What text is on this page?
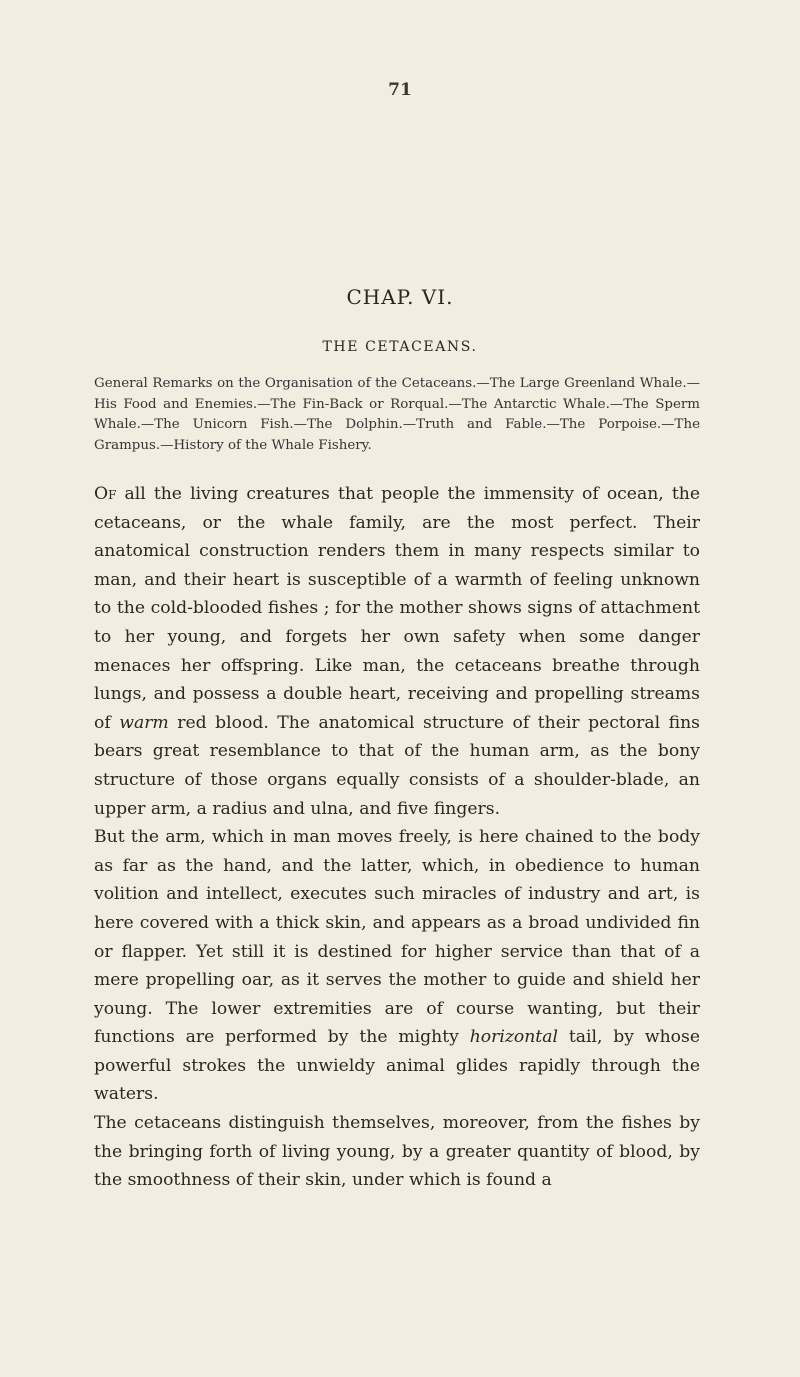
71
CHAP. VI.
THE CETACEANS.
General Remarks on the Organisation of the Cetaceans.—The Large Greenland Whale.—His Food and Enemies.—The Fin-Back or Rorqual.—The Antarctic Whale.—The Sperm Whale.—The Unicorn Fish.—The Dolphin.—Truth and Fable.—The Porpoise.—The Grampus.—History of the Whale Fishery.

Of all the living creatures that people the immensity of ocean, the cetaceans, or the whale family, are the most perfect. Their anatomical construction renders them in many respects similar to man, and their heart is susceptible of a warmth of feeling unknown to the cold-blooded fishes ; for the mother shows signs of attachment to her young, and forgets her own safety when some danger menaces her offspring. Like man, the cetaceans breathe through lungs, and possess a double heart, receiving and propelling streams of warm red blood. The anatomical structure of their pectoral fins bears great resemblance to that of the human arm, as the bony structure of those organs equally consists of a shoulder-blade, an upper arm, a radius and ulna, and five fingers.

But the arm, which in man moves freely, is here chained to the body as far as the hand, and the latter, which, in obedience to human volition and intellect, executes such miracles of industry and art, is here covered with a thick skin, and appears as a broad undivided fin or flapper. Yet still it is destined for higher service than that of a mere propelling oar, as it serves the mother to guide and shield her young. The lower extremities are of course wanting, but their functions are performed by the mighty horizontal tail, by whose powerful strokes the unwieldy animal glides rapidly through the waters.

The cetaceans distinguish themselves, moreover, from the fishes by the bringing forth of living young, by a greater quantity of blood, by the smoothness of their skin, under which is found a
